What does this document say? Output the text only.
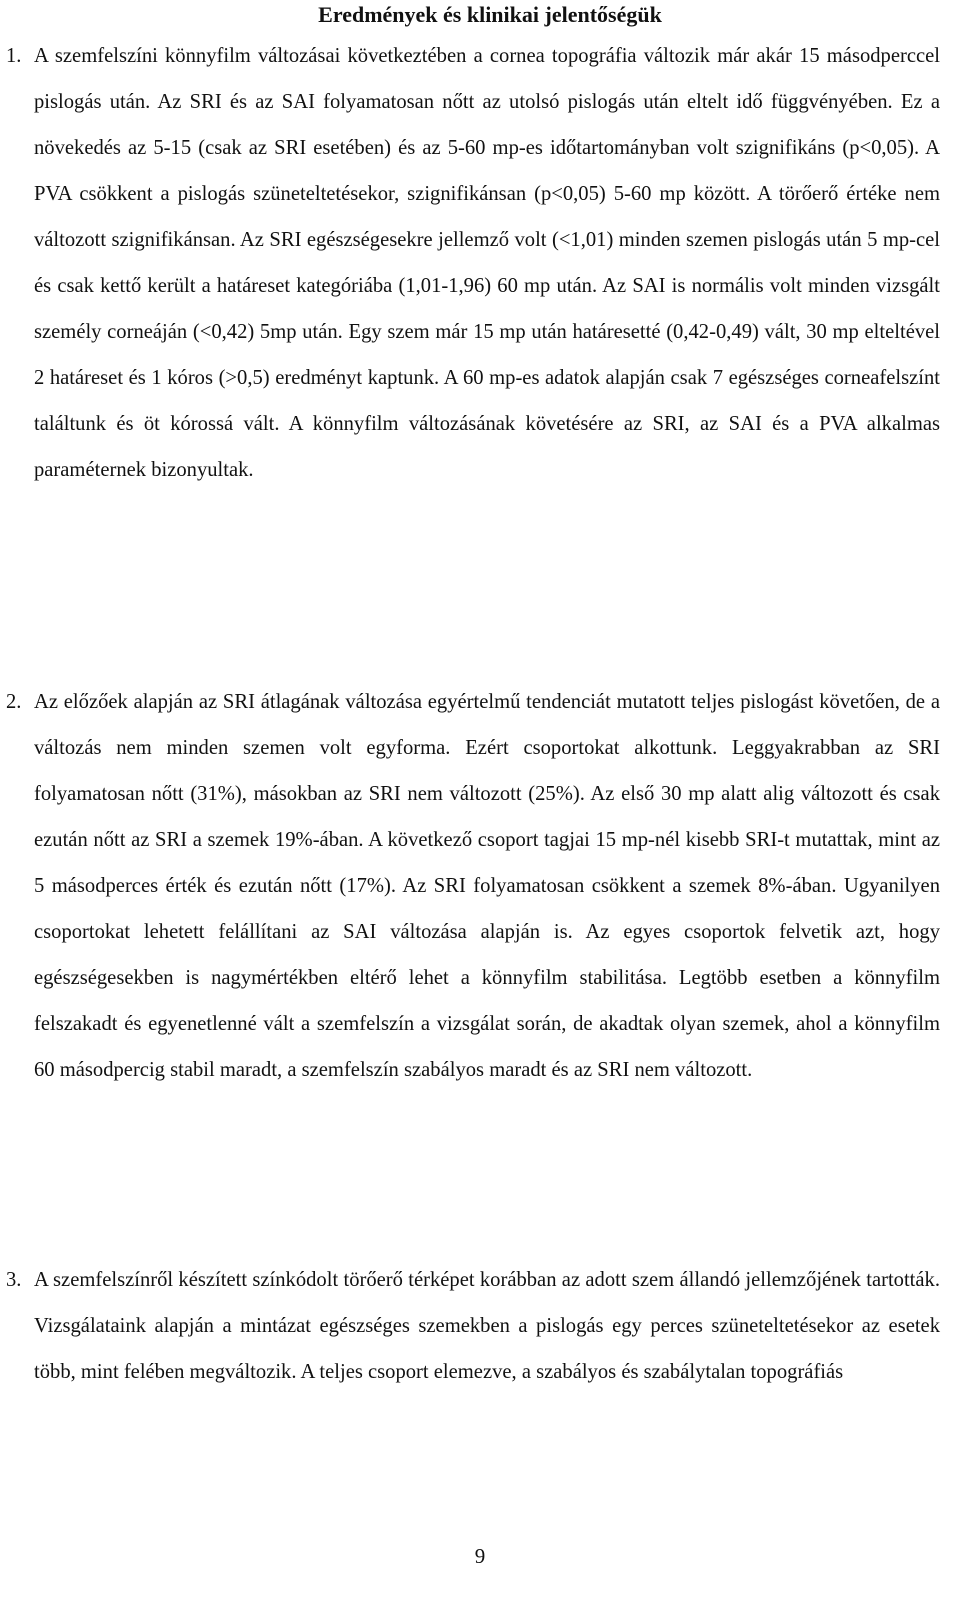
Eredmények és klinikai jelentőségük
1. A szemfelszíni könnyfilm változásai következtében a cornea topográfia változik már akár 15 másodperccel pislogás után. Az SRI és az SAI folyamatosan nőtt az utolsó pislogás után eltelt idő függvényében. Ez a növekedés az 5-15 (csak az SRI esetében) és az 5-60 mp-es időtartományban volt szignifikáns (p<0,05). A PVA csökkent a pislogás szüneteltetésekor, szignifikánsan (p<0,05) 5-60 mp között. A törőerő értéke nem változott szignifikánsan. Az SRI egészségesekre jellemző volt (<1,01) minden szemen pislogás után 5 mp-cel és csak kettő került a határeset kategóriába (1,01-1,96) 60 mp után. Az SAI is normális volt minden vizsgált személy corneáján (<0,42) 5mp után. Egy szem már 15 mp után határesetté (0,42-0,49) vált, 30 mp elteltével 2 határeset és 1 kóros (>0,5) eredményt kaptunk. A 60 mp-es adatok alapján csak 7 egészséges corneafelszínt találtunk és öt kórossá vált. A könnyfilm változásának követésére az SRI, az SAI és a PVA alkalmas paraméternek bizonyultak.
2. Az előzőek alapján az SRI átlagának változása egyértelmű tendenciát mutatott teljes pislogást követően, de a változás nem minden szemen volt egyforma. Ezért csoportokat alkottunk. Leggyakrabban az SRI folyamatosan nőtt (31%), másokban az SRI nem változott (25%). Az első 30 mp alatt alig változott és csak ezután nőtt az SRI a szemek 19%-ában. A következő csoport tagjai 15 mp-nél kisebb SRI-t mutattak, mint az 5 másodperces érték és ezután nőtt (17%). Az SRI folyamatosan csökkent a szemek 8%-ában. Ugyanilyen csoportokat lehetett felállítani az SAI változása alapján is. Az egyes csoportok felvetik azt, hogy egészségesekben is nagymértékben eltérő lehet a könnyfilm stabilitása. Legtöbb esetben a könnyfilm felszakadt és egyenetlenné vált a szemfelszín a vizsgálat során, de akadtak olyan szemek, ahol a könnyfilm 60 másodpercig stabil maradt, a szemfelszín szabályos maradt és az SRI nem változott.
3. A szemfelszínről készített színkódolt törőerő térképet korábban az adott szem állandó jellemzőjének tartották. Vizsgálataink alapján a mintázat egészséges szemekben a pislogás egy perces szüneteltetésekor az esetek több, mint felében megváltozik. A teljes csoport elemezve, a szabályos és szabálytalan topográfiás
9
